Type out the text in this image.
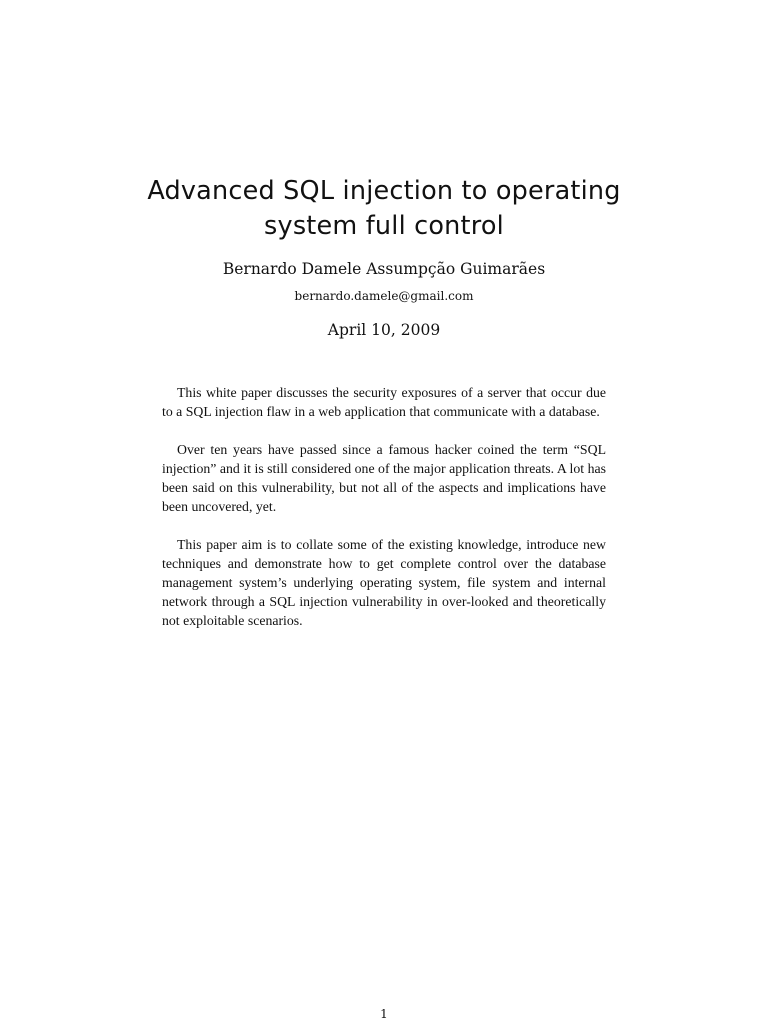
Advanced SQL injection to operating
system full control
Bernardo Damele Assumpção Guimarães
bernardo.damele@gmail.com
April 10, 2009

This white paper discusses the security exposures of a server that occur due to a SQL injection flaw in a web application that communicate with a database.

Over ten years have passed since a famous hacker coined the term “SQL injection” and it is still considered one of the major application threats. A lot has been said on this vulnerability, but not all of the aspects and implications have been uncovered, yet.

This paper aim is to collate some of the existing knowledge, introduce new techniques and demonstrate how to get complete control over the database management system’s underlying operating system, file system and internal network through a SQL injection vulnerability in over-looked and theoretically not exploitable scenarios.

1
